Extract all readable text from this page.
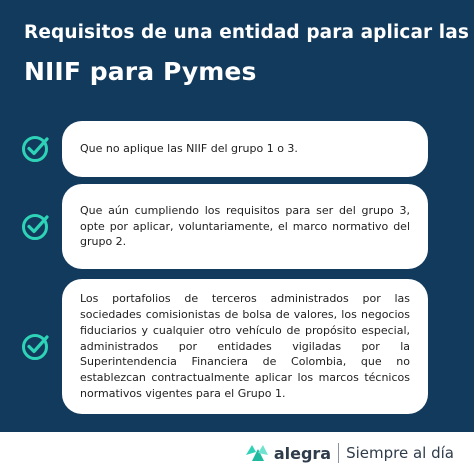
Requisitos de una entidad para aplicar las
NIIF para Pymes
Que no aplique las NIIF del grupo 1 o 3.
Que aún cumpliendo los requisitos para ser del grupo 3, opte por aplicar, voluntariamente, el marco normativo del grupo 2.
Los portafolios de terceros administrados por las sociedades comisionistas de bolsa de valores, los negocios fiduciarios y cualquier otro vehículo de propósito especial, administrados por entidades vigiladas por la Superintendencia Financiera de Colombia, que no establezcan contractualmente aplicar los marcos técnicos normativos vigentes para el Grupo 1.
alegra Siempre al día
